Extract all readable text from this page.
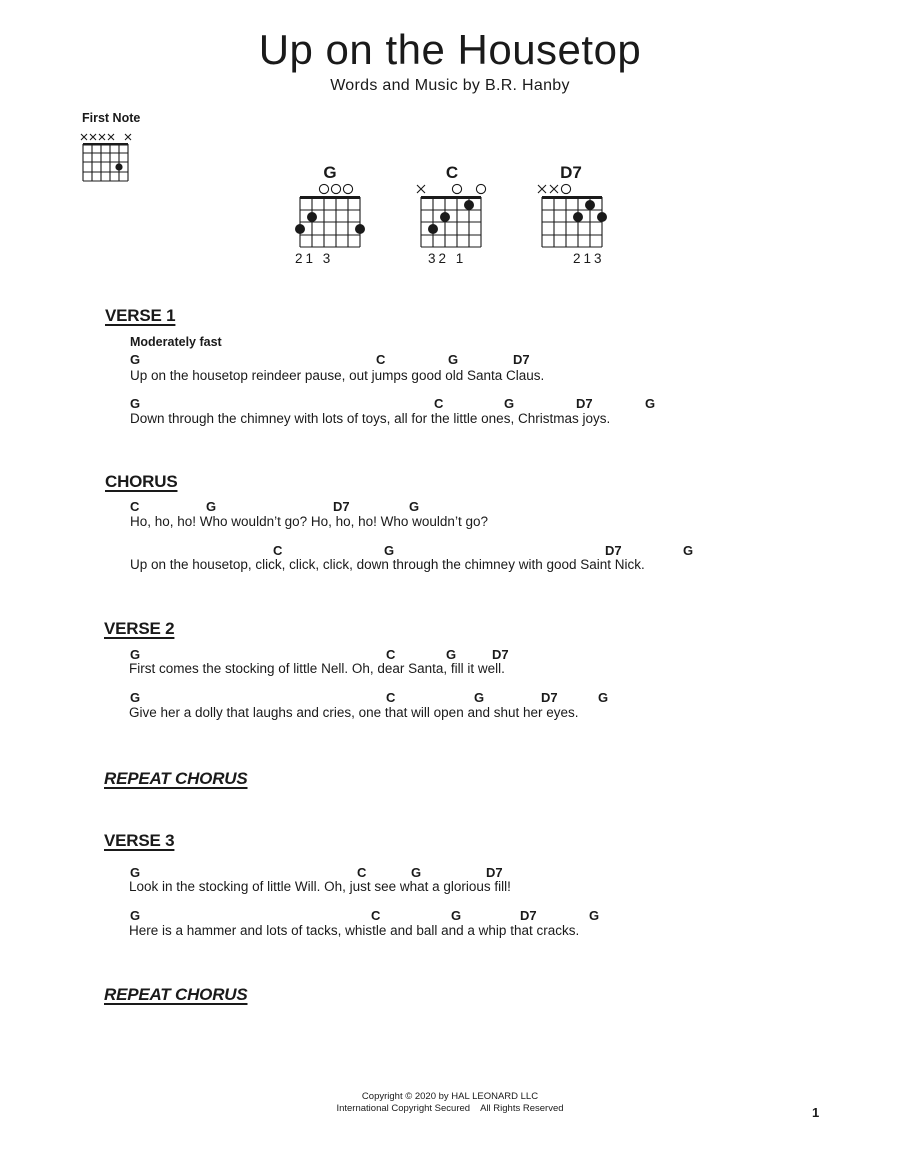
Up on the Housetop
Words and Music by B.R. Hanby
First Note
G
21 3
C
32 1
D7
213
VERSE 1
Moderately fast
G	C	G	D7
Up on the housetop reindeer pause, out jumps good old Santa Claus.
G	C	G	D7	G
Down through the chimney with lots of toys, all for the little ones, Christmas joys.
CHORUS
C	G	D7	G
Ho, ho, ho! Who wouldn’t go? Ho, ho, ho! Who wouldn’t go?
C	G	D7	G
Up on the housetop, click, click, click, down through the chimney with good Saint Nick.
VERSE 2
G	C	G	D7
First comes the stocking of little Nell. Oh, dear Santa, fill it well.
G	C	G	D7	G
Give her a dolly that laughs and cries, one that will open and shut her eyes.
REPEAT CHORUS
VERSE 3
G	C	G	D7
Look in the stocking of little Will. Oh, just see what a glorious fill!
G	C	G	D7	G
Here is a hammer and lots of tacks, whistle and ball and a whip that cracks.
REPEAT CHORUS
Copyright © 2020 by HAL LEONARD LLC
International Copyright Secured    All Rights Reserved	1
